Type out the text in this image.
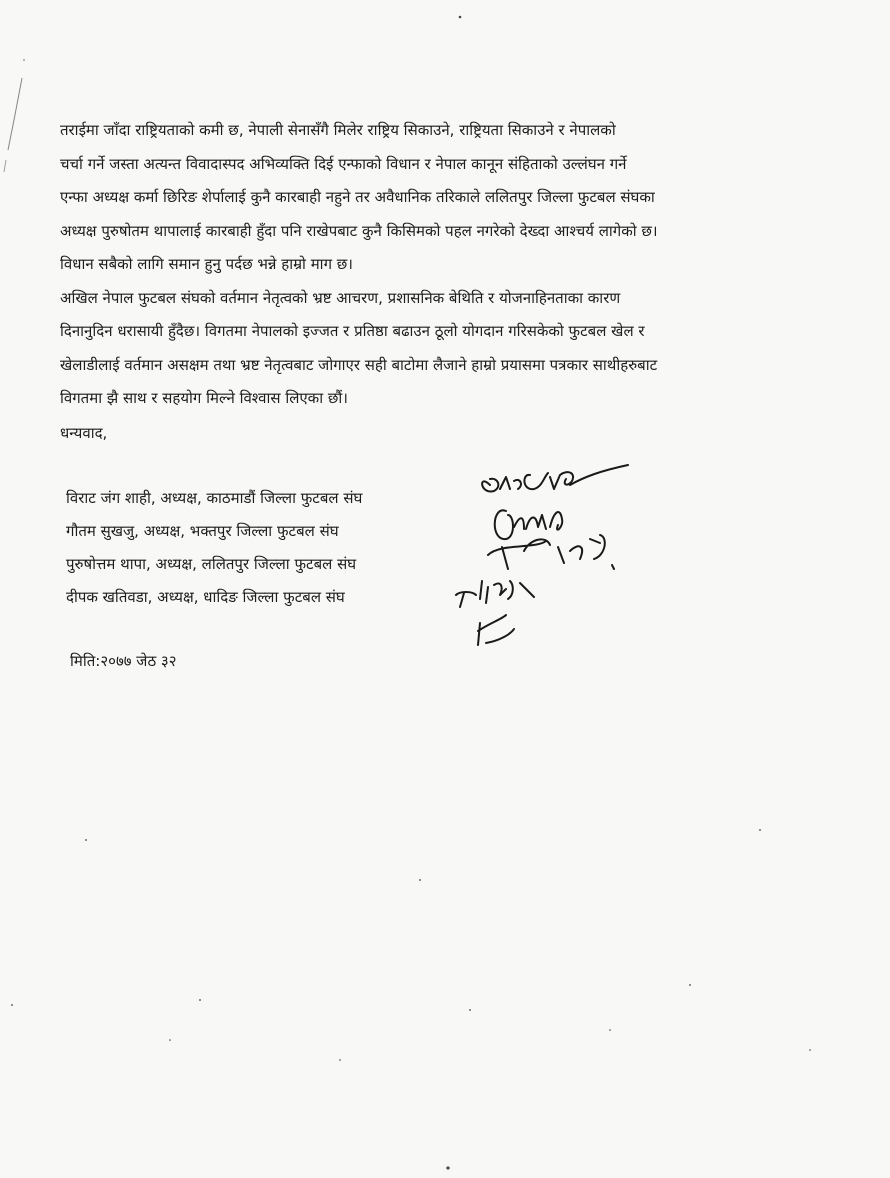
तराईमा जाँदा राष्ट्रियताको कमी छ, नेपाली सेनासँगै मिलेर राष्ट्रिय सिकाउने, राष्ट्रियता सिकाउने र नेपालको
चर्चा गर्ने जस्ता अत्यन्त विवादास्पद अभिव्यक्ति दिई एन्फाको विधान र नेपाल कानून संहिताको उल्लंघन गर्ने
एन्फा अध्यक्ष कर्मा छिरिङ शेर्पालाई कुनै कारबाही नहुने तर अवैधानिक तरिकाले ललितपुर जिल्ला फुटबल संघका
अध्यक्ष पुरुषोतम थापालाई कारबाही हुँदा पनि राखेपबाट कुनै किसिमको पहल नगरेको देख्दा आश्चर्य लागेको छ।
विधान सबैको लागि समान हुनु पर्दछ भन्ने हाम्रो माग छ।
अखिल नेपाल फुटबल संघको वर्तमान नेतृत्वको भ्रष्ट आचरण, प्रशासनिक बेथिति र योजनाहिनताका कारण
दिनानुदिन धरासायी हुँदैछ। विगतमा नेपालको इज्जत र प्रतिष्ठा बढाउन ठूलो योगदान गरिसकेको फुटबल खेल र
खेलाडीलाई वर्तमान असक्षम तथा भ्रष्ट नेतृत्वबाट जोगाएर सही बाटोमा लैजाने हाम्रो प्रयासमा पत्रकार साथीहरुबाट
विगतमा झै साथ र सहयोग मिल्ने विश्वास लिएका छौं।
धन्यवाद,
विराट जंग शाही, अध्यक्ष, काठमाडौं जिल्ला फुटबल संघ
गौतम सुखजु, अध्यक्ष, भक्तपुर जिल्ला फुटबल संघ
पुरुषोत्तम थापा, अध्यक्ष, ललितपुर जिल्ला फुटबल संघ
दीपक खतिवडा, अध्यक्ष, धादिङ जिल्ला फुटबल संघ
मिति:२०७७ जेठ ३२
